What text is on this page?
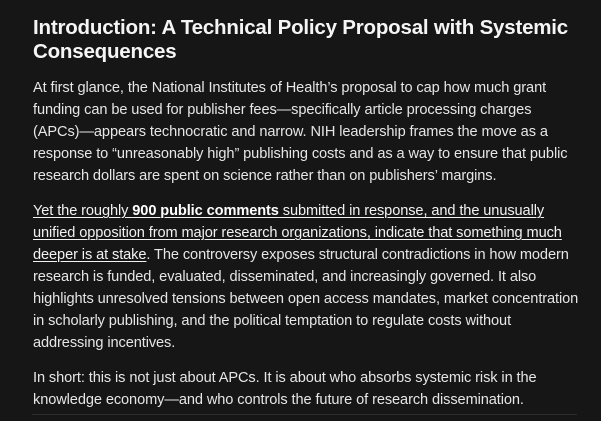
Introduction: A Technical Policy Proposal with Systemic Consequences

At first glance, the National Institutes of Health’s proposal to cap how much grant funding can be used for publisher fees—specifically article processing charges (APCs)—appears technocratic and narrow. NIH leadership frames the move as a response to “unreasonably high” publishing costs and as a way to ensure that public research dollars are spent on science rather than on publishers’ margins.

Yet the roughly 900 public comments submitted in response, and the unusually unified opposition from major research organizations, indicate that something much deeper is at stake. The controversy exposes structural contradictions in how modern research is funded, evaluated, disseminated, and increasingly governed. It also highlights unresolved tensions between open access mandates, market concentration in scholarly publishing, and the political temptation to regulate costs without addressing incentives.

In short: this is not just about APCs. It is about who absorbs systemic risk in the knowledge economy—and who controls the future of research dissemination.
